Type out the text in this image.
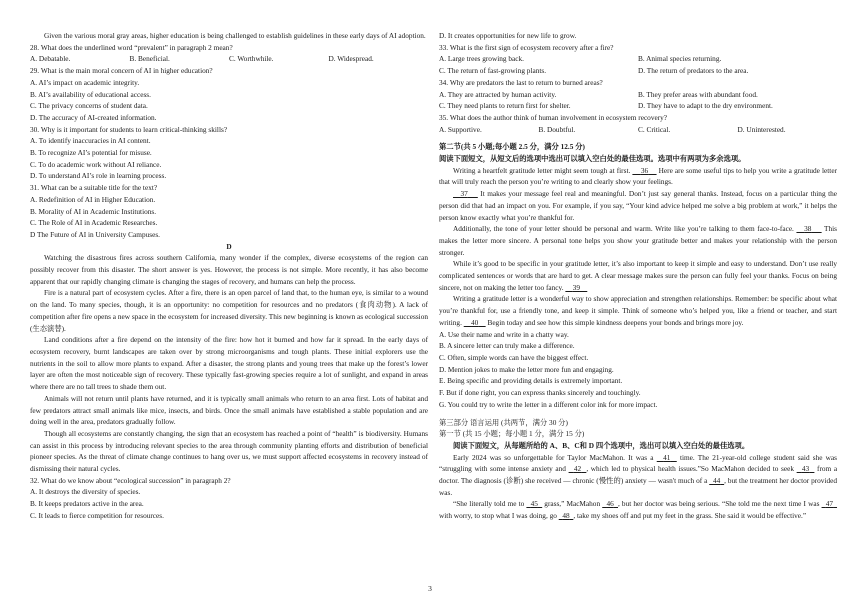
Given the various moral gray areas, higher education is being challenged to establish guidelines in these early days of AI adoption.

28. What does the underlined word “prevalent” in paragraph 2 mean?

A. Debatable.	B. Beneficial.	C. Worthwhile.	D. Widespread.

29. What is the main moral concern of AI in higher education?

A. AI’s impact on academic integrity.

B. AI’s availability of educational access.

C. The privacy concerns of student data.

D. The accuracy of AI-created information.

30. Why is it important for students to learn critical-thinking skills?

A. To identify inaccuracies in AI content.

B. To recognize AI’s potential for misuse.

C. To do academic work without AI reliance.

D. To understand AI’s role in learning process.

31. What can be a suitable title for the text?

A. Redefinition of AI in Higher Education.

B. Morality of AI in Academic Institutions.

C. The Role of AI in Academic Researches.

D The Future of AI in University Campuses.

D

Watching the disastrous fires across southern California, many wonder if the complex, diverse ecosystems of the region can possibly recover from this disaster. The short answer is yes. However, the process is not simple. More recently, it has also become apparent that our rapidly changing climate is changing the stages of recovery, and humans can help the process.

Fire is a natural part of ecosystem cycles. After a fire, there is an open parcel of land that, to the human eye, is similar to a wound on the land. To many species, though, it is an opportunity: no competition for resources and no predators (食肉动物). A lack of competition after fire opens a new space in the ecosystem for increased diversity. This new beginning is known as ecological succession (生态演替).

Land conditions after a fire depend on the intensity of the fire: how hot it burned and how far it spread. In the early days of ecosystem recovery, burnt landscapes are taken over by strong microorganisms and tough plants. These initial explorers use the nutrients in the soil to allow more plants to expand. After a disaster, the strong plants and young trees that make up the forest’s lower layer are often the most noticeable sign of recovery. These typically fast-growing species require a lot of sunlight, and expand in areas where there are no tall trees to shade them out.

Animals will not return until plants have returned, and it is typically small animals who return to an area first. Lots of habitat and few predators attract small animals like mice, insects, and birds. Once the small animals have established a stable population and are doing well in the area, predators gradually follow.

Though all ecosystems are constantly changing, the sign that an ecosystem has reached a point of “health” is biodiversity. Humans can assist in this process by introducing relevant species to the area through community planting efforts and distribution of beneficial pioneer species. As the threat of climate change continues to hang over us, we must support affected ecosystems in recovery instead of dismissing their natural cycles.

32. What do we know about “ecological succession” in paragraph 2?

A. It destroys the diversity of species.

B. It keeps predators active in the area.

C. It leads to fierce competition for resources.

D. It creates opportunities for new life to grow.

33. What is the first sign of ecosystem recovery after a fire?

A. Large trees growing back.	B. Animal species returning.
C. The return of fast-growing plants.	D. The return of predators to the area.

34. Why are predators the last to return to burned areas?

A. They are attracted by human activity.	B. They prefer areas with abundant food.
C. They need plants to return first for shelter.	D. They have to adapt to the dry environment.

35. What does the author think of human involvement in ecosystem recovery?

A. Supportive.	B. Doubtful.	C. Critical.	D. Uninterested.

第二节(共 5 小题;每小题 2.5 分，满分 12.5 分)

阅读下面短文，从短文后的选项中选出可以填入空白处的最佳选项。选项中有两项为多余选项。

Writing a heartfelt gratitude letter might seem tough at first. 36 Here are some useful tips to help you write a gratitude letter that will truly reach the person you’re writing to and clearly show your feelings.

37 It makes your message feel real and meaningful. Don’t just say general thanks. Instead, focus on a particular thing the person did that had an impact on you. For example, if you say, “Your kind advice helped me solve a big problem at work,” it helps the person know exactly what you’re thankful for.

Additionally, the tone of your letter should be personal and warm. Write like you’re talking to them face-to-face. 38 This makes the letter more sincere. A personal tone helps you show your gratitude better and makes your relationship with the person stronger.

While it’s good to be specific in your gratitude letter, it’s also important to keep it simple and easy to understand. Don’t use really complicated sentences or words that are hard to get. A clear message makes sure the person can fully feel your thanks. Focus on being sincere, not on making the letter too fancy. 39

Writing a gratitude letter is a wonderful way to show appreciation and strengthen relationships. Remember: be specific about what you’re thankful for, use a friendly tone, and keep it simple. Think of someone who’s helped you, like a friend or teacher, and start writing. 40 Begin today and see how this simple kindness deepens your bonds and brings more joy.

A. Use their name and write in a chatty way.

B. A sincere letter can truly make a difference.

C. Often, simple words can have the biggest effect.

D. Mention jokes to make the letter more fun and engaging.

E. Being specific and providing details is extremely important.

F. But if done right, you can express thanks sincerely and touchingly.

G. You could try to write the letter in a different color ink for more impact.

第三部分 语言运用 (共两节，满分 30 分)

第一节 (共 15 小题；每小题 1 分，满分 15 分)

阅读下面短文，从每题所给的 A、B、C和 D 四个选项中，选出可以填入空白处的最佳选项。

Early 2024 was so unforgettable for Taylor MacMahon. It was a 41 time. The 21-year-old college student said she was “struggling with some intense anxiety and 42 , which led to physical health issues.”So MacMahon decided to seek 43 from a doctor. The diagnosis (诊断) she received — chronic (慢性的) anxiety — wasn't much of a 44 , but the treatment her doctor provided was.

“She literally told me to 45 grass,” MacMahon 46 , but her doctor was being serious. “She told me the next time I was 47   with worry, to stop what I was doing, go 48 , take my shoes off and put my feet in the grass. She said it would be effective.”

3
